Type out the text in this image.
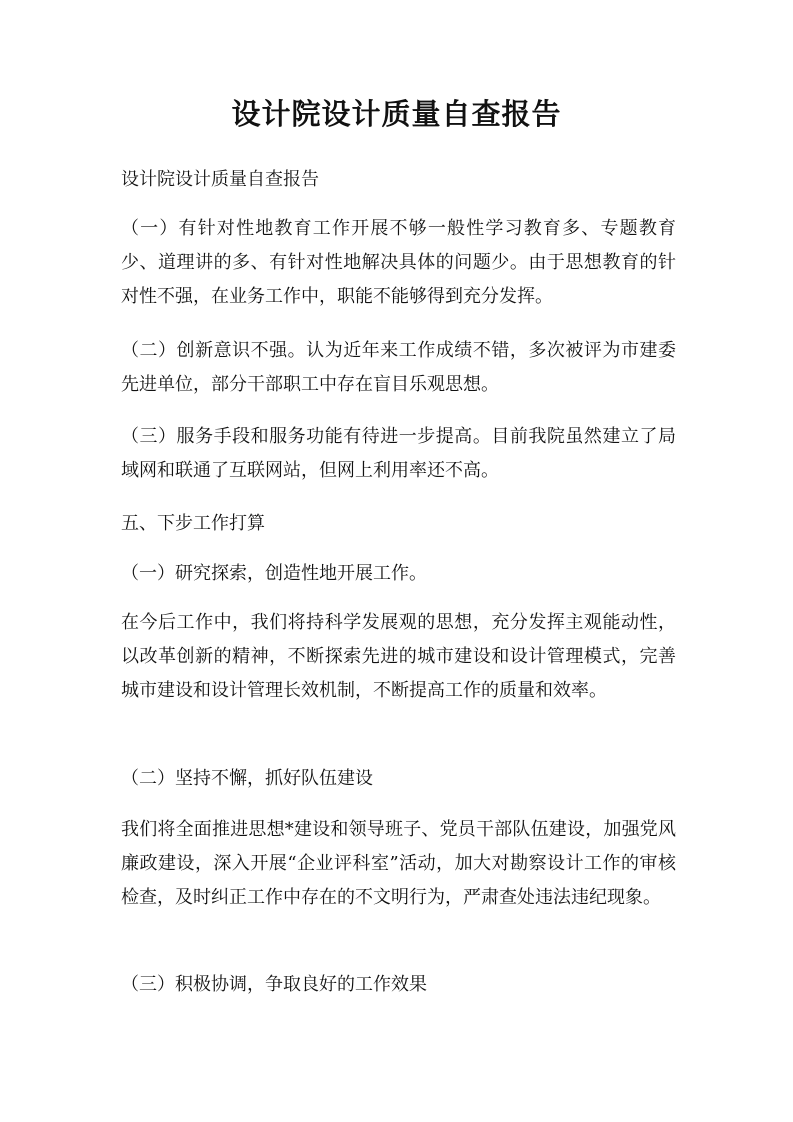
设计院设计质量自查报告

设计院设计质量自查报告

（一）有针对性地教育工作开展不够一般性学习教育多、专题教育少、道理讲的多、有针对性地解决具体的问题少。由于思想教育的针对性不强，在业务工作中，职能不能够得到充分发挥。

（二）创新意识不强。认为近年来工作成绩不错，多次被评为市建委先进单位，部分干部职工中存在盲目乐观思想。

（三）服务手段和服务功能有待进一步提高。目前我院虽然建立了局域网和联通了互联网站，但网上利用率还不高。

五、下步工作打算

（一）研究探索，创造性地开展工作。

在今后工作中，我们将持科学发展观的思想，充分发挥主观能动性，以改革创新的精神，不断探索先进的城市建设和设计管理模式，完善城市建设和设计管理长效机制，不断提高工作的质量和效率。

（二）坚持不懈，抓好队伍建设

我们将全面推进思想*建设和领导班子、党员干部队伍建设，加强党风廉政建设，深入开展“企业评科室”活动，加大对勘察设计工作的审核检查，及时纠正工作中存在的不文明行为，严肃查处违法违纪现象。

（三）积极协调，争取良好的工作效果
